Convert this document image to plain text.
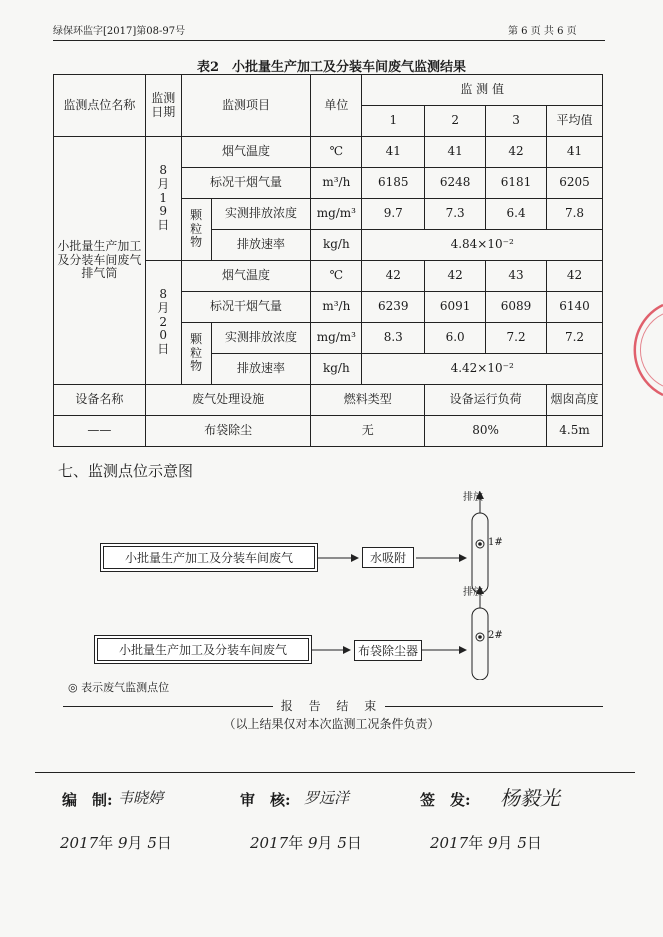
绿保环监字[2017]第08-97号	第 6 页 共 6 页
表2　小批量生产加工及分装车间废气监测结果
监测点位名称	监测日期	监测项目		单位	监 测 值			
					1	2	3	平均值
小批量生产加工及分装车间废气排气筒	8月19日	烟气温度		℃	41	41	42	41
		标况干烟气量		m³/h	6185	6248	6181	6205
		颗粒物	实测排放浓度	mg/m³	9.7	7.3	6.4	7.8
			排放速率	kg/h	4.84×10⁻²			
	8月20日	烟气温度		℃	42	42	43	42
		标况干烟气量		m³/h	6239	6091	6089	6140
		颗粒物	实测排放浓度	mg/m³	8.3	6.0	7.2	7.2
			排放速率	kg/h	4.42×10⁻²			
设备名称	废气处理设施			燃料类型		设备运行负荷		烟囱高度
——	布袋除尘			无		80%		4.5m
七、监测点位示意图
小批量生产加工及分装车间废气	水吸附
排放
1#
小批量生产加工及分装车间废气	布袋除尘器
排放
2#
◎ 表示废气监测点位
报 告 结 束
（以上结果仅对本次监测工况条件负责）
编　制: 韦晓婷	审　核: 罗远洋	签　发: 杨毅光
2017年 9月 5日	2017年 9月 5日	2017年 9月 5日
